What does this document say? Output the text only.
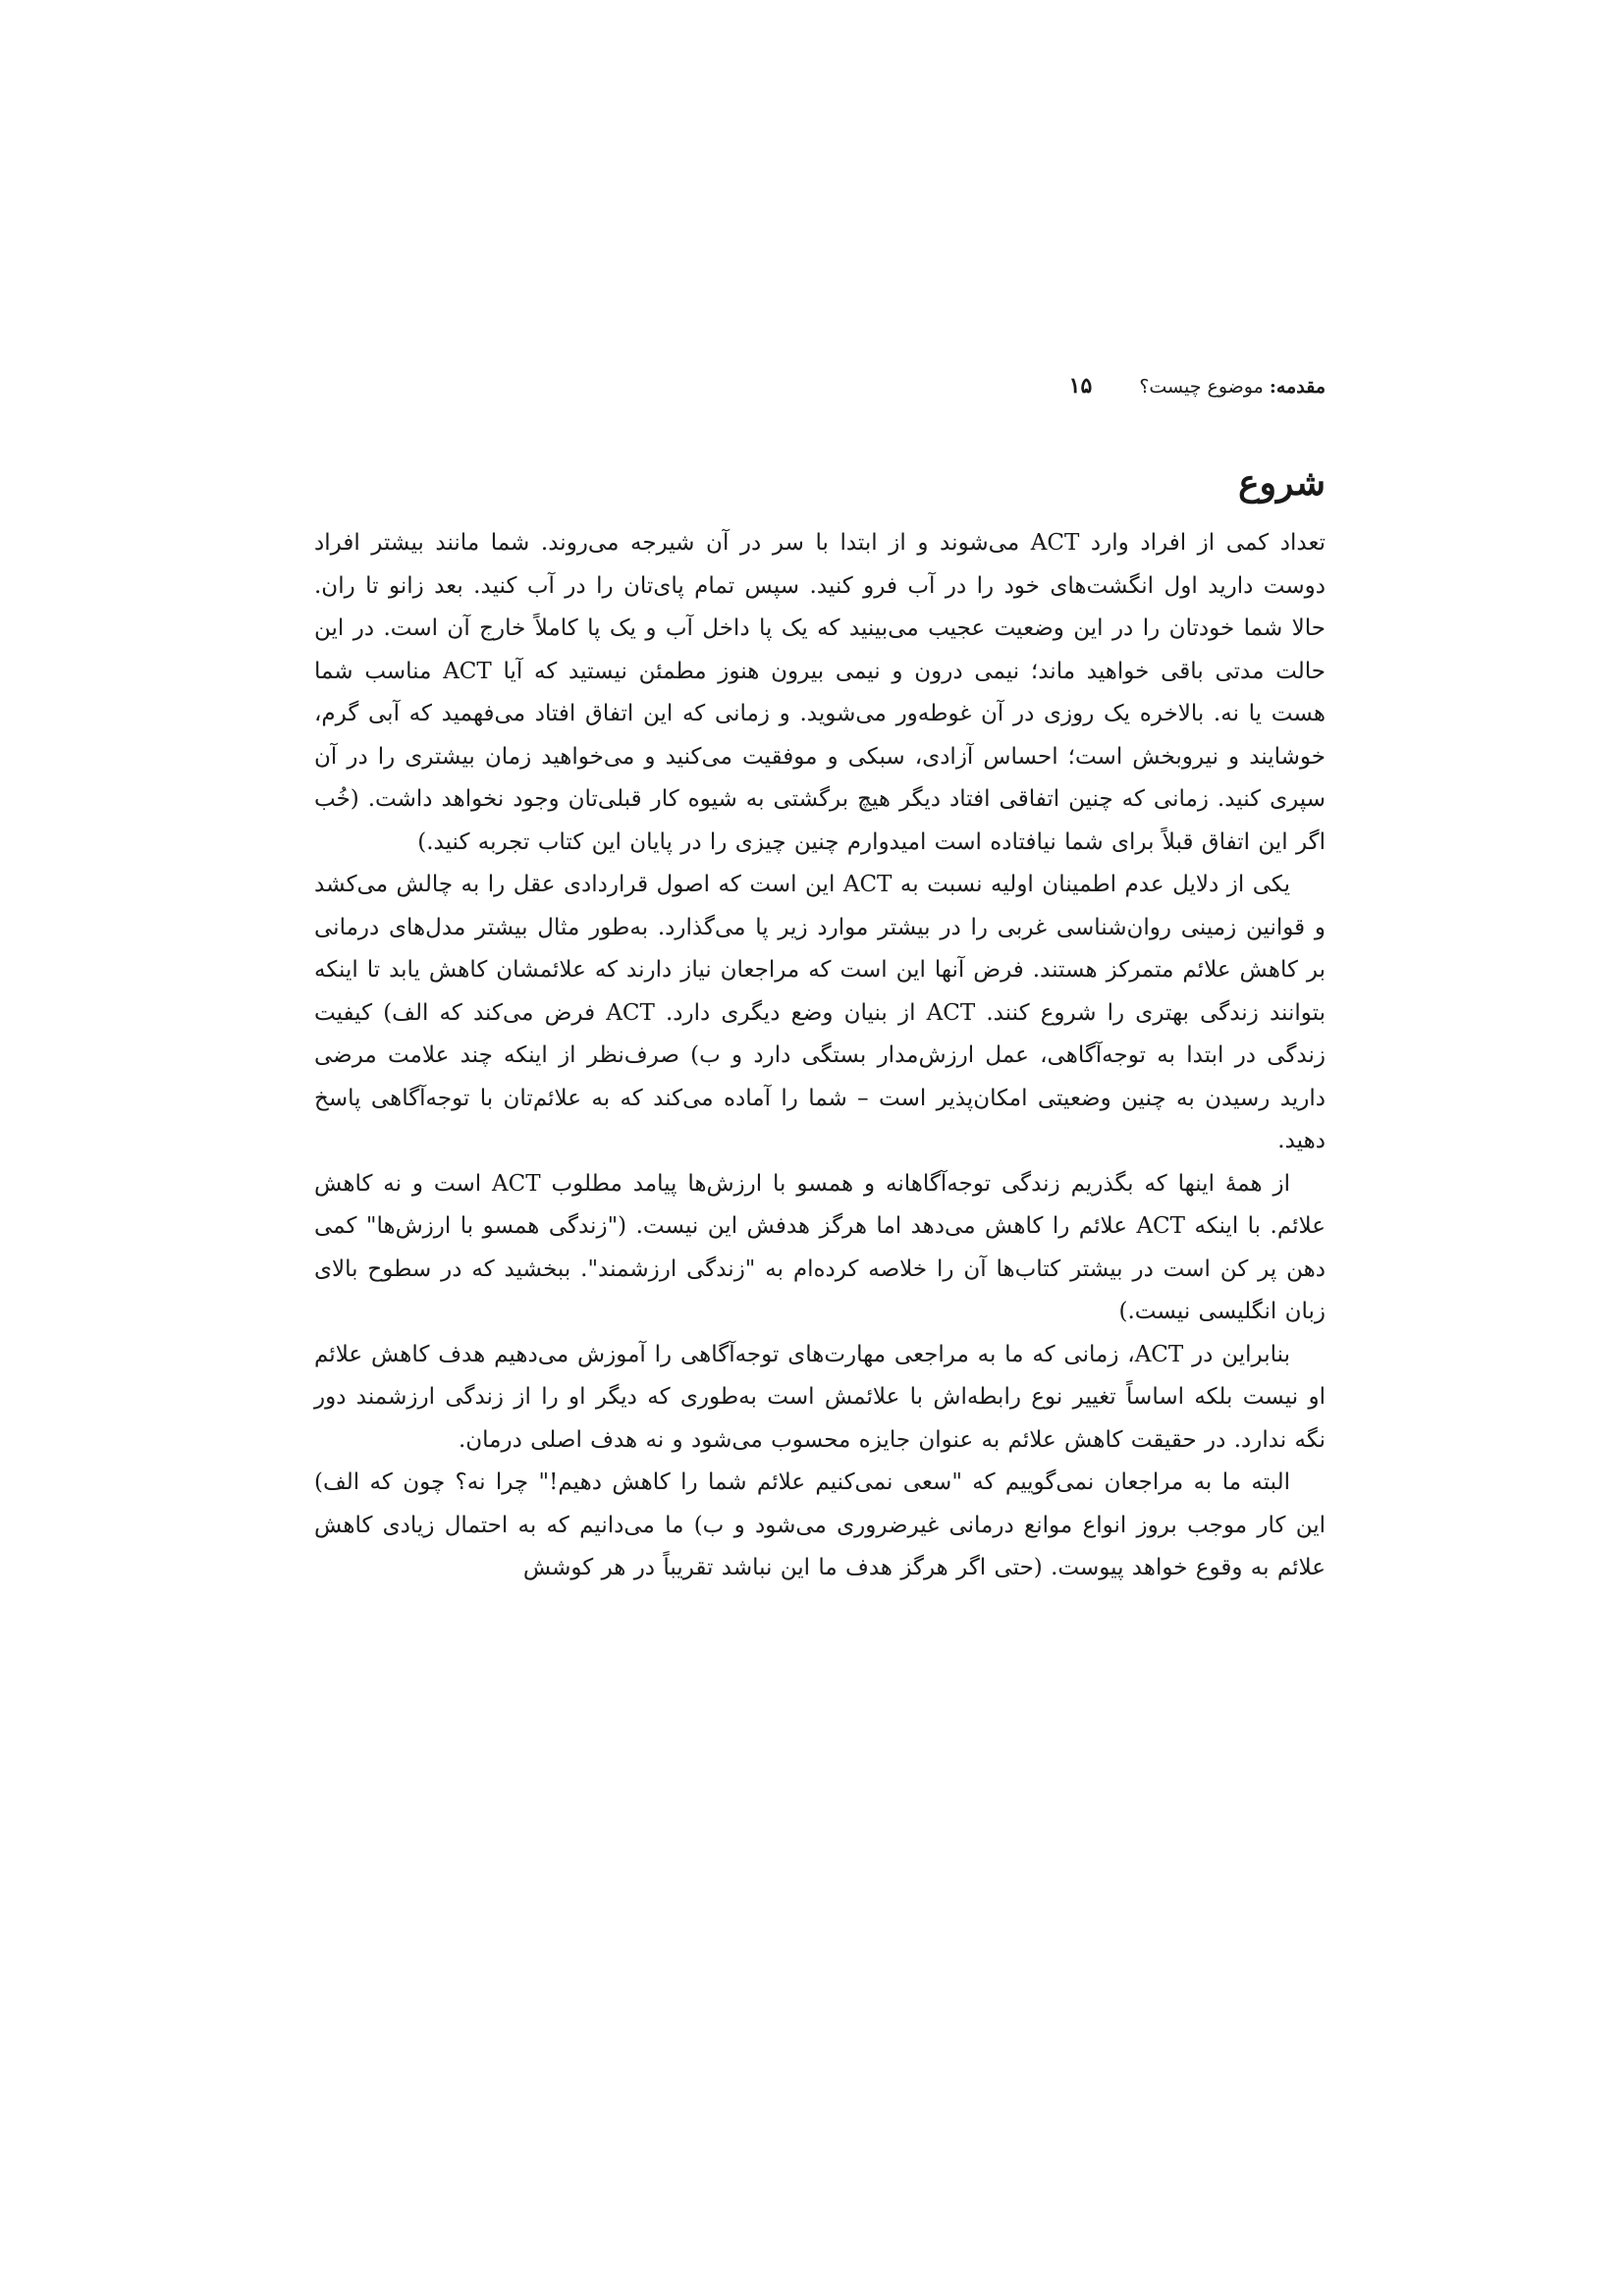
مقدمه: موضوع چیست؟
۱۵
شروع

تعداد کمی از افراد وارد ACT می‌شوند و از ابتدا با سر در آن شیرجه می‌روند. شما مانند بیشتر افراد دوست دارید اول انگشت‌های خود را در آب فرو کنید. سپس تمام پای‌تان را در آب کنید. بعد زانو تا ران. حالا شما خودتان را در این وضعیت عجیب می‌بینید که یک پا داخل آب و یک پا کاملاً خارج آن است. در این حالت مدتی باقی خواهید ماند؛ نیمی درون و نیمی بیرون هنوز مطمئن نیستید که آیا ACT مناسب شما هست یا نه. بالاخره یک روزی در آن غوطه‌ور می‌شوید. و زمانی که این اتفاق افتاد می‌فهمید که آبی گرم، خوشایند و نیروبخش است؛ احساس آزادی، سبکی و موفقیت می‌کنید و می‌خواهید زمان بیشتری را در آن سپری کنید. زمانی که چنین اتفاقی افتاد دیگر هیچ برگشتی به شیوه کار قبلی‌تان وجود نخواهد داشت. (خُب اگر این اتفاق قبلاً برای شما نیافتاده است امیدوارم چنین چیزی را در پایان این کتاب تجربه کنید.)

یکی از دلایل عدم اطمینان اولیه نسبت به ACT این است که اصول قراردادی عقل را به چالش می‌کشد و قوانین زمینی روان‌شناسی غربی را در بیشتر موارد زیر پا می‌گذارد. به‌طور مثال بیشتر مدل‌های درمانی بر کاهش علائم متمرکز هستند. فرض آنها این است که مراجعان نیاز دارند که علائمشان کاهش یابد تا اینکه بتوانند زندگی بهتری را شروع کنند. ACT از بنیان وضع دیگری دارد. ACT فرض می‌کند که الف) کیفیت زندگی در ابتدا به توجه‌آگاهی، عمل ارزش‌مدار بستگی دارد و ب) صرف‌نظر از اینکه چند علامت مرضی دارید رسیدن به چنین وضعیتی امکان‌پذیر است – شما را آماده می‌کند که به علائم‌تان با توجه‌آگاهی پاسخ دهید.

از همهٔ اینها که بگذریم زندگی توجه‌آگاهانه و همسو با ارزش‌ها پیامد مطلوب ACT است و نه کاهش علائم. با اینکه ACT علائم را کاهش می‌دهد اما هرگز هدفش این نیست. ("زندگی همسو با ارزش‌ها" کمی دهن پر کن است در بیشتر کتاب‌ها آن را خلاصه کرده‌ام به "زندگی ارزشمند". ببخشید که در سطوح بالای زبان انگلیسی نیست.)

بنابراین در ACT، زمانی که ما به مراجعی مهارت‌های توجه‌آگاهی را آموزش می‌دهیم هدف کاهش علائم او نیست بلکه اساساً تغییر نوع رابطه‌اش با علائمش است به‌طوری که دیگر او را از زندگی ارزشمند دور نگه ندارد. در حقیقت کاهش علائم به عنوان جایزه محسوب می‌شود و نه هدف اصلی درمان.

البته ما به مراجعان نمی‌گوییم که "سعی نمی‌کنیم علائم شما را کاهش دهیم!" چرا نه؟ چون که الف) این کار موجب بروز انواع موانع درمانی غیرضروری می‌شود و ب) ما می‌دانیم که به احتمال زیادی کاهش علائم به وقوع خواهد پیوست. (حتی اگر هرگز هدف ما این نباشد تقریباً در هر کوشش
